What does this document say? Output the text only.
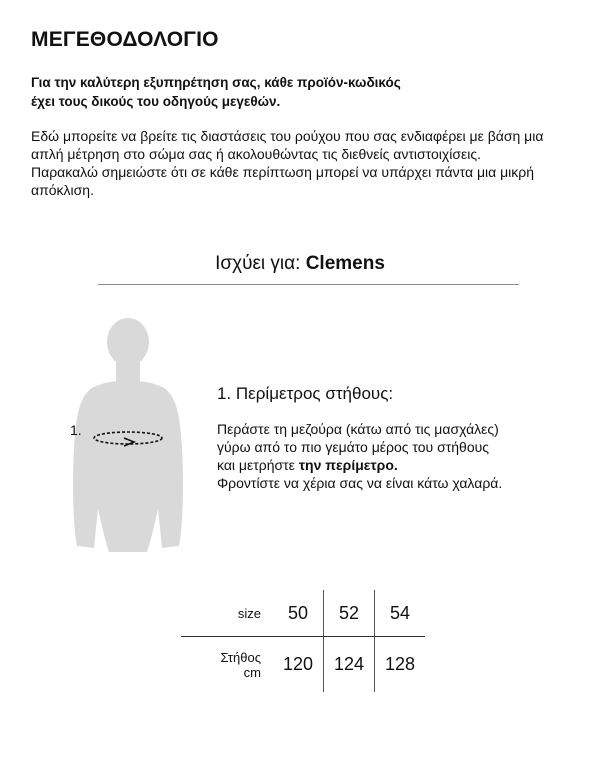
ΜΕΓΕΘΟΔΟΛΟΓΙΟ
Για την καλύτερη εξυπηρέτηση σας, κάθε προϊόν-κωδικός
έχει τους δικούς του οδηγούς μεγεθών.

Εδώ μπορείτε να βρείτε τις διαστάσεις του ρούχου που σας ενδιαφέρει με βάση μια απλή μέτρηση στο σώμα σας ή ακολουθώντας τις διεθνείς αντιστοιχίσεις.

Παρακαλώ σημειώστε ότι σε κάθε περίπτωση μπορεί να υπάρχει πάντα μια μικρή απόκλιση.

Ισχύει για: Clemens
1.
1. Περίμετρος στήθους:
Περάστε τη μεζούρα (κάτω από τις μασχάλες)
γύρω από το πιο γεμάτο μέρος του στήθους
και μετρήστε την περίμετρο.
Φροντίστε να χέρια σας να είναι κάτω χαλαρά.
size	50	52	54

Στήθος
cm	120	124	128
